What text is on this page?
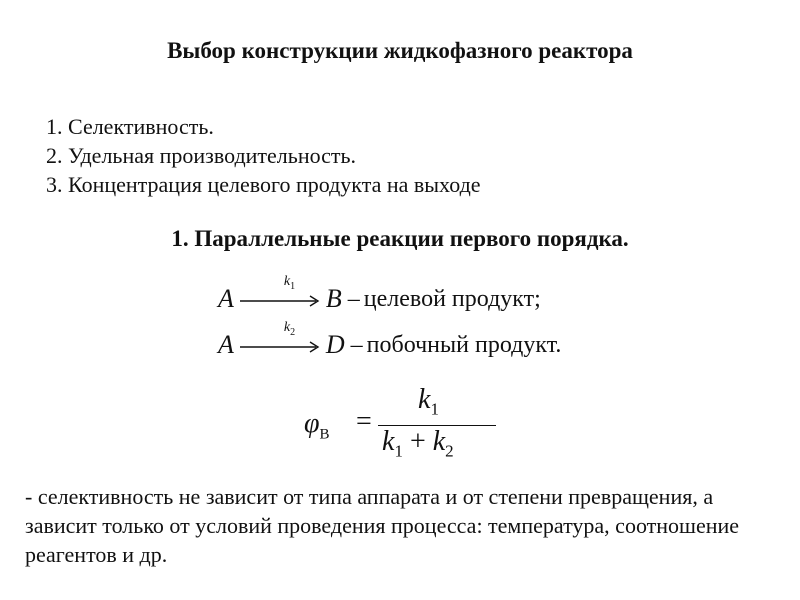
Выбор конструкции жидкофазного реактора
1. Селективность.
2. Удельная производительность.
3. Концентрация целевого продукта на выходе
1. Параллельные реакции первого порядка.
A
$k_1$ B – целевой продукт;
A
$k_2$ D – побочный продукт.
$\varphi_B$ =
$k_1$
$k_1 + k_2$
- селективность не зависит от типа аппарата и от степени превращения, а зависит только от условий проведения процесса: температура, соотношение реагентов и др.
